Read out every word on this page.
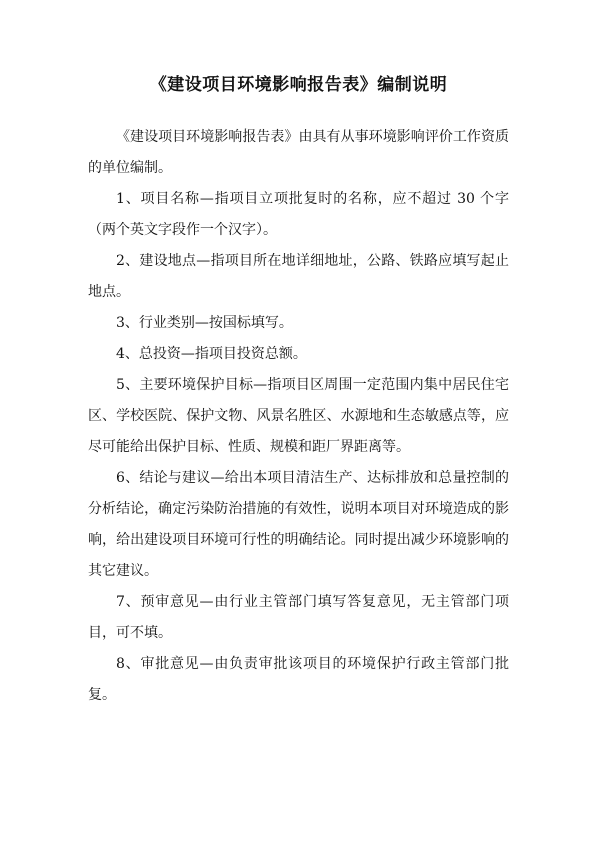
《建设项目环境影响报告表》编制说明

《建设项目环境影响报告表》由具有从事环境影响评价工作资质的单位编制。

1、项目名称—指项目立项批复时的名称，应不超过 30 个字（两个英文字段作一个汉字）。

2、建设地点—指项目所在地详细地址，公路、铁路应填写起止地点。

3、行业类别—按国标填写。

4、总投资—指项目投资总额。

5、主要环境保护目标—指项目区周围一定范围内集中居民住宅区、学校医院、保护文物、风景名胜区、水源地和生态敏感点等，应尽可能给出保护目标、性质、规模和距厂界距离等。

6、结论与建议—给出本项目清洁生产、达标排放和总量控制的分析结论，确定污染防治措施的有效性，说明本项目对环境造成的影响，给出建设项目环境可行性的明确结论。同时提出减少环境影响的其它建议。

7、预审意见—由行业主管部门填写答复意见，无主管部门项目，可不填。

8、审批意见—由负责审批该项目的环境保护行政主管部门批复。
